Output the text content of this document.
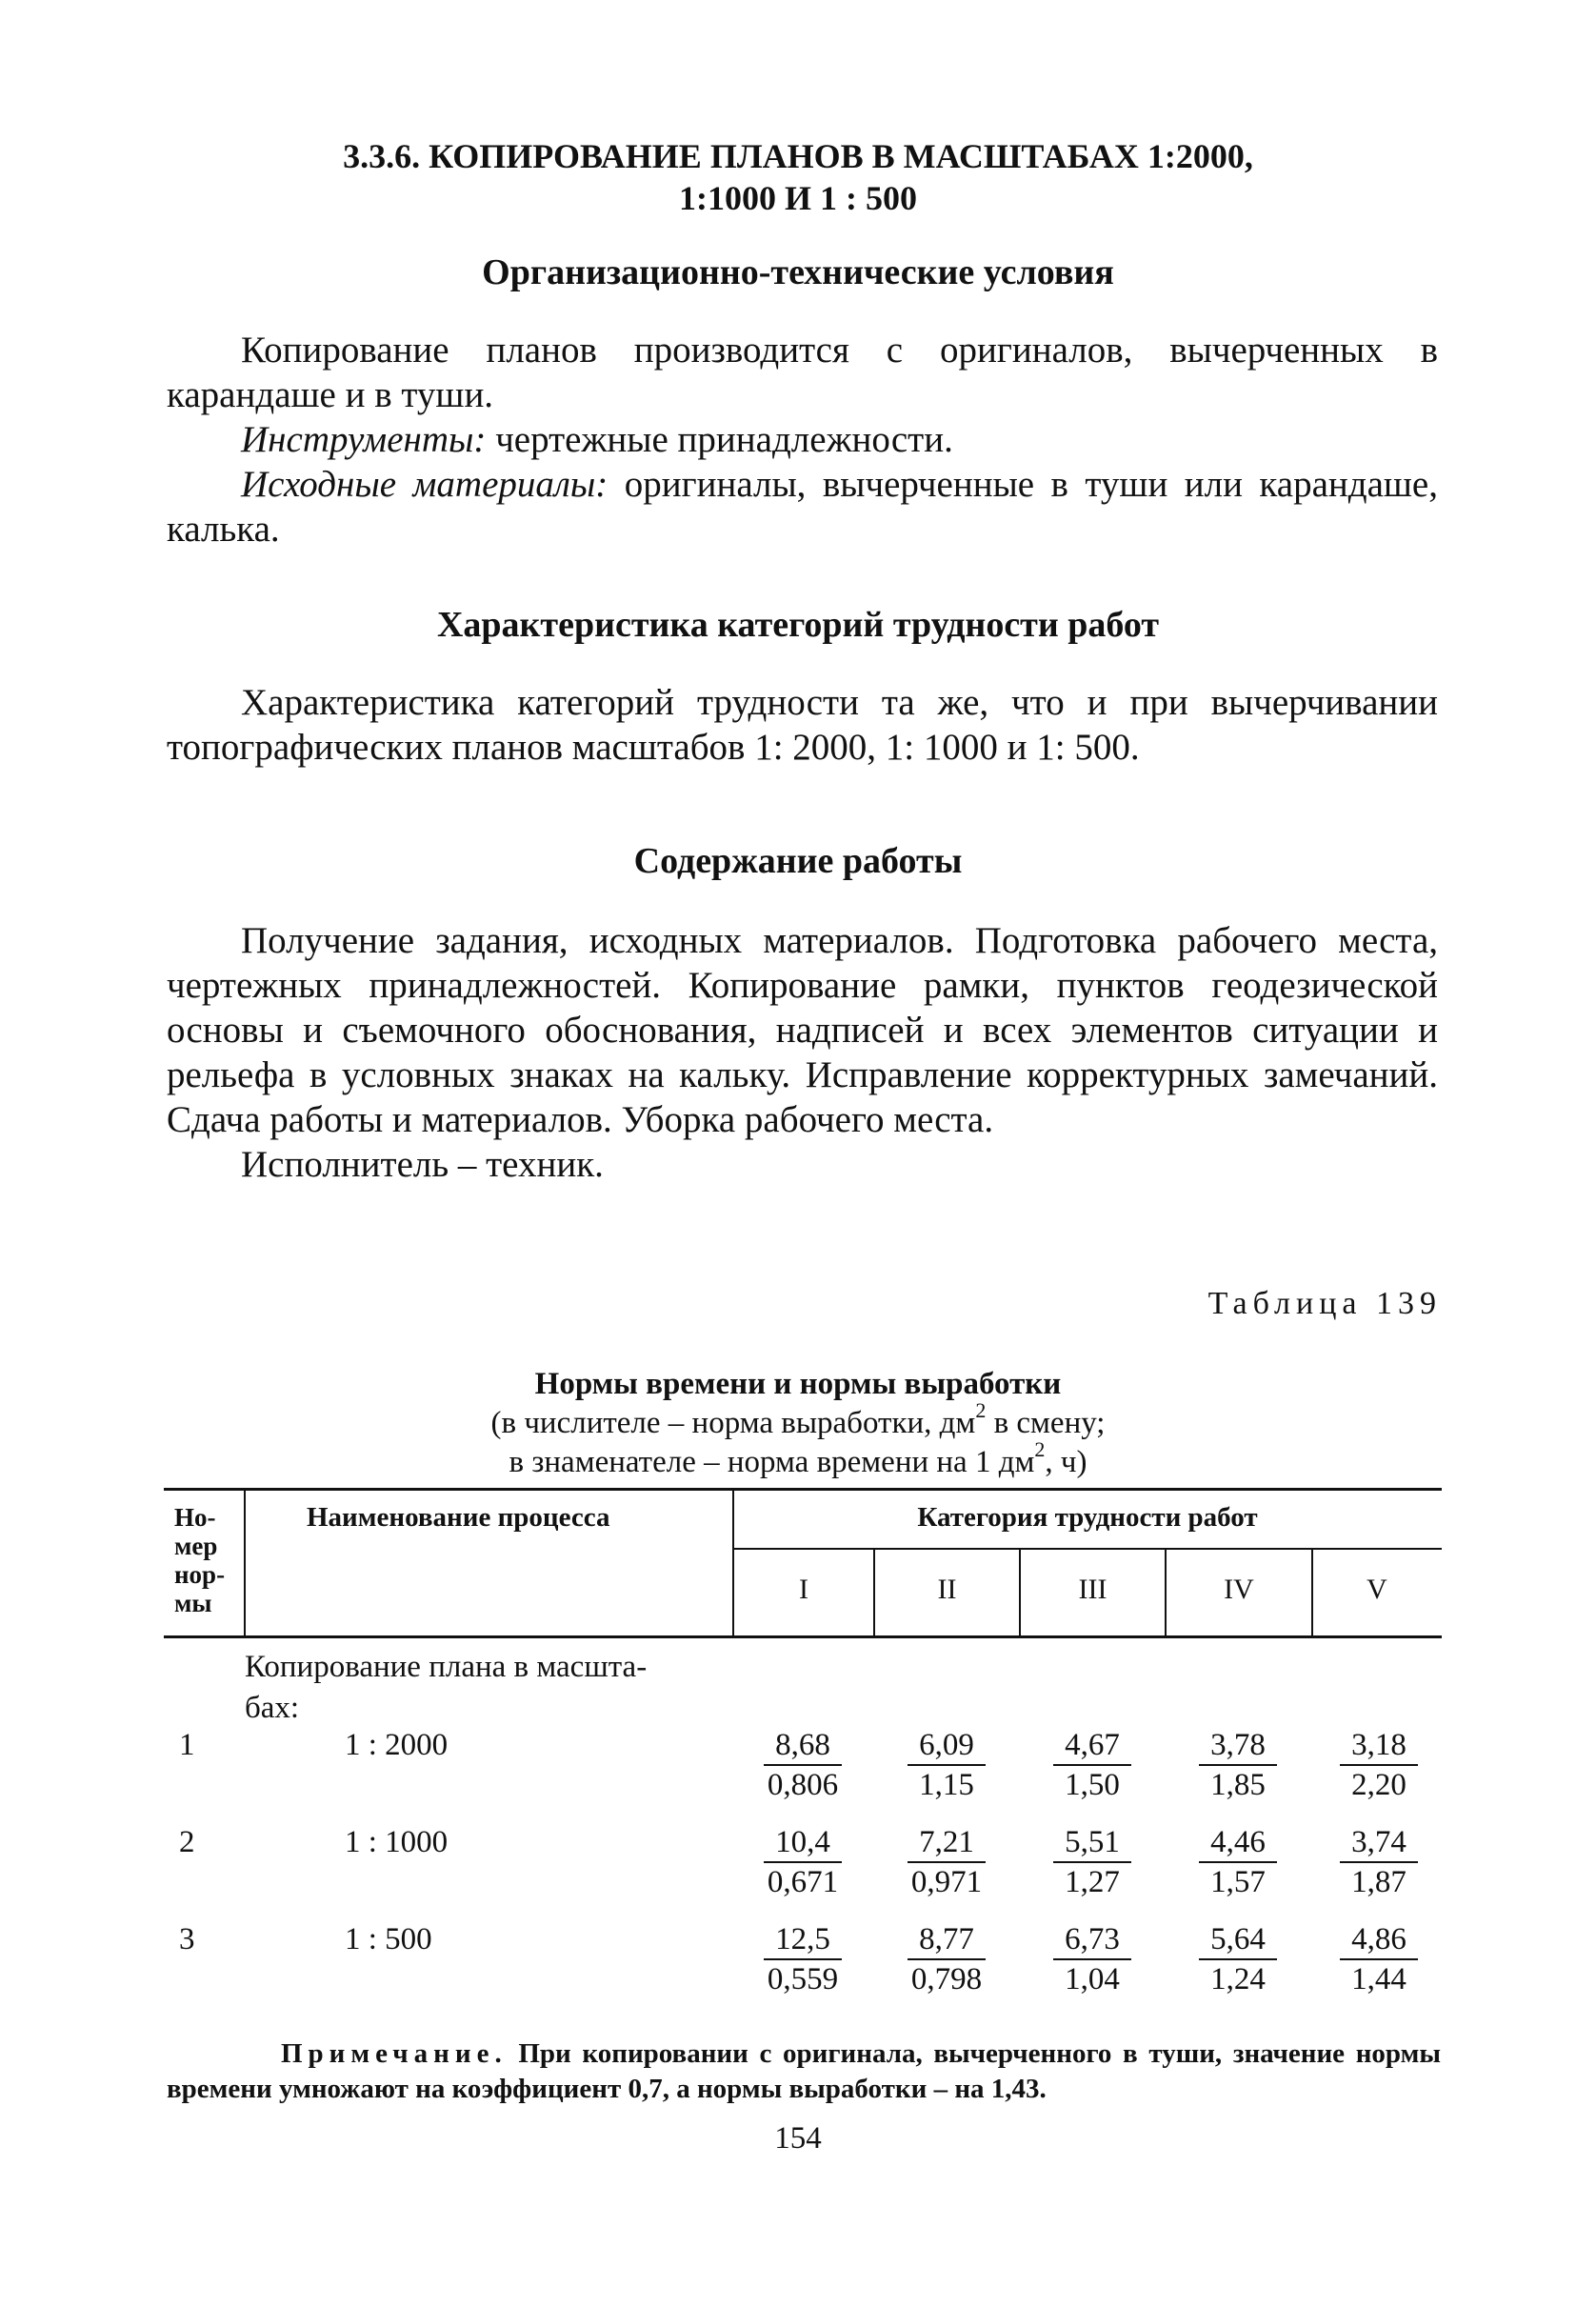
3.3.6. КОПИРОВАНИЕ ПЛАНОВ В МАСШТАБАХ 1:2000,
1:1000 И 1 : 500
Организационно-технические условия

Копирование планов производится с оригиналов, вычерченных в карандаше и в туши.

Инструменты: чертежные принадлежности.

Исходные материалы: оригиналы, вычерченные в туши или карандаше, калька.

Характеристика категорий трудности работ

Характеристика категорий трудности та же, что и при вычерчивании топографических планов масштабов 1: 2000, 1: 1000 и 1: 500.

Содержание работы

Получение задания, исходных материалов. Подготовка рабочего места, чертежных принадлежностей. Копирование рамки, пунктов геодезической основы и съемочного обоснования, надписей и всех элементов ситуации и рельефа в условных знаках на кальку. Исправление корректурных замечаний. Сдача работы и материалов. Уборка рабочего места.

Исполнитель – техник.

Таблица 139
Нормы времени и нормы выработки
(в числителе – норма выработки, $дм^2$ в смену;
в знаменателе – норма времени на 1 $дм^2$, ч)
Но-
мер
нор-
мы
Наименование процесса	Категория трудности работ
I	II	III	IV	V
Копирование плана в масшта-
бах:
1	1 : 2000	$\frac{8,68}{0,806} \frac{6,09}{1,15} \frac{4,67}{1,50} \frac{3,78}{1,85} \frac{3,18}{2,20}$
2	1 : 1000	$\frac{10,4}{0,671} \frac{7,21}{0,971} \frac{5,51}{1,27} \frac{4,46}{1,57} \frac{3,74}{1,87}$
3	1 : 500	$\frac{12,5}{0,559} \frac{8,77}{0,798} \frac{6,73}{1,04} \frac{5,64}{1,24} \frac{4,86}{1,44}$
Примечание. При копировании с оригинала, вычерченного в туши, значение нормы времени умножают на коэффициент 0,7, а нормы выработки – на 1,43.
154
